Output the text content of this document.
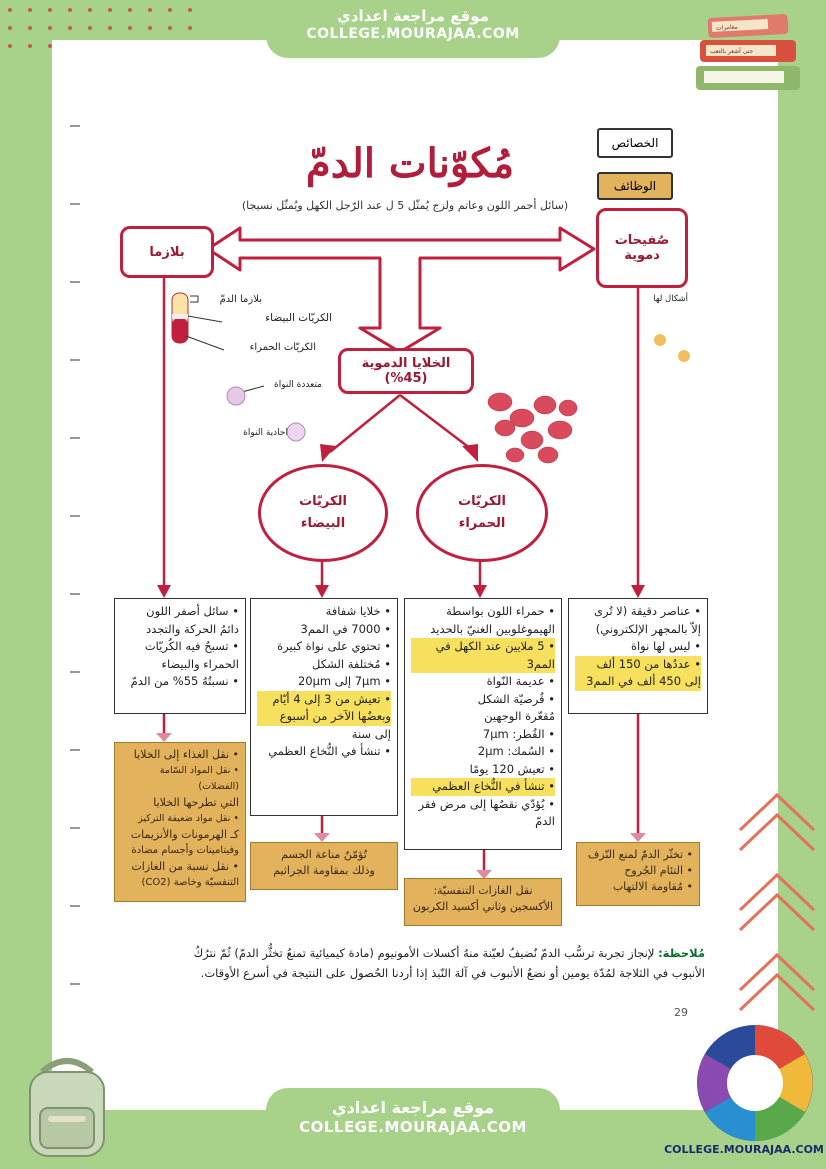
موقع مراجعة اعدادي
COLLEGE.MOURAJAA.COM
موقع مراجعة اعدادي
COLLEGE.MOURAJAA.COM
مغامرات
حتى أشعر بالتعب
مُكوّنات الدمّ
(سائل أحمر اللون وعاتم ولزج يُمثّل 5 ل عند الرّجل الكهل ويُمثّل نسيجا)
الخصائص
الوظائف
بلازما
صُفيحات
دموية
الخلايا الدموية (45%)
الكريّات
البيضاء
الكريّات
الحمراء
بلازما الدمّ
الكريّات البيضاء
الكريّات الحمراء
متعددة النواة
احادية النواة
أشكال لها
• سائل أصفر اللون
دائمُ الحركة والتجدد
• تسبحُ فيه الكُريّات
الحمراء والبيضاء
• نسبتُهُ 55% من الدمّ
• خلايا شفافة
• 7000 في المم3
• تحتوي على نواة كبيرة
• مُختلفة الشكل
• 7µm إلى 20µm
• تعيش من 3 إلى 4 أيّام
وبعضُها الآخر من أسبوع
إلى سنة
• تنشأ في النُّخاع العظمي
• حمراء اللون بواسطة
الهيموغلوبين الغنيّ بالحديد
• 5 ملايين عند الكهل في المم3
• عديمة النّواة
• قُرصيّة الشكل
مُقعّرة الوجهين
• القُطر: 7µm
• السُمك: 2µm
• تعيش 120 يومًا
• تنشأ في النُّخاع العظمي
• يُؤدّي نقصُها إلى مرض فقر
الدمّ
• عناصر دقيقة (لا تُرى
إلاّ بالمجهر الإلكتروني)
• ليس لها نواة
• عددُها من 150 ألف
إلى 450 ألف في المم3
• نقل الغذاء إلى الخلايا
• نقل المواد السّامة (الفضلات)
التي تطرحها الخلايا
• نقل مواد ضعيفة التركيز
كـ الهرمونات والأنزيمات
وفيتامينات وأجسام مضادة
• نقل نسبة من الغازات
التنفسيّة وخاصة (CO2)
تُؤمّنُ مناعة الجسم
وذلك بمقاومة الجراثيم
نقل الغازات التنفسيّة:
الأكسجين وثاني أكسيد الكربون
• تخثّر الدمّ لمنع النّزف
• التئام الجُروح
• مُقاومة الالتهاب
مُلاحظة: لإنجاز تجربة ترسُّب الدمّ نُضيفُ لعيّنة منهُ أكسلات الأمونيوم (مادة كيميائية تمنعُ تخثُّر الدمّ) ثُمّ نترُكُ الأنبوب في الثلاجة لمُدّة يومين أو نضعُ الأنبوب في آلة النّبذ إذا أردنا الحُصول على النتيجة في أسرع الأوقات.
29
COLLEGE.MOURAJAA.COM
